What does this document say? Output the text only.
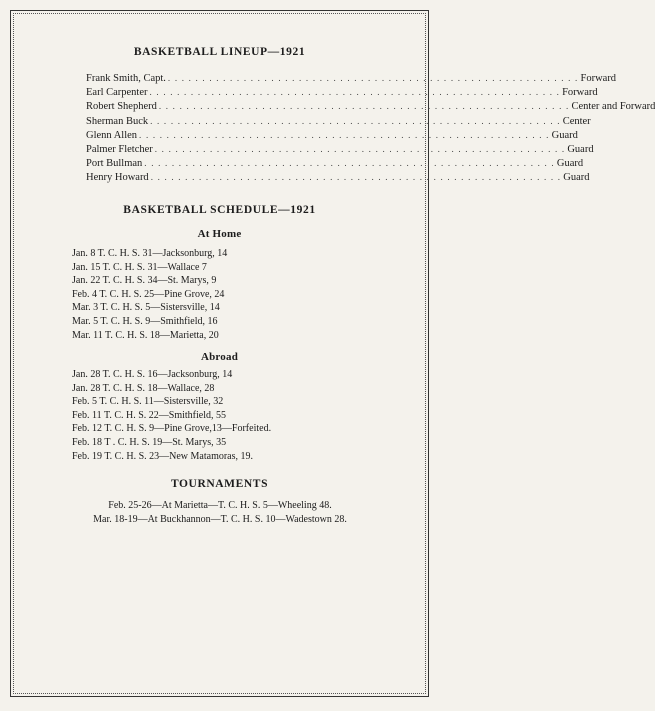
BASKETBALL LINEUP—1921
Frank Smith, Capt. . . . . . . . . . . . . . . . . . . . . . . . . . . . . . . . . . . . . . . . . . . . . . . . . . . . . . . . . . . . . Forward
Earl Carpenter . . . . . . . . . . . . . . . . . . . . . . . . . . . . . . . . . . . . . . . . . . . . . . . . . . . . . . . . . . . . Forward
Robert Shepherd . . . . . . . . . . . . . . . . . . . . . . . . . . . . . . . . . . . . . . . . . . . . . . . . . . . . . . . . . . . . Center and Forward
Sherman Buck . . . . . . . . . . . . . . . . . . . . . . . . . . . . . . . . . . . . . . . . . . . . . . . . . . . . . . . . . . . . Center
Glenn Allen . . . . . . . . . . . . . . . . . . . . . . . . . . . . . . . . . . . . . . . . . . . . . . . . . . . . . . . . . . . . Guard
Palmer Fletcher . . . . . . . . . . . . . . . . . . . . . . . . . . . . . . . . . . . . . . . . . . . . . . . . . . . . . . . . . . . . Guard
Port Bullman . . . . . . . . . . . . . . . . . . . . . . . . . . . . . . . . . . . . . . . . . . . . . . . . . . . . . . . . . . . . Guard
Henry Howard . . . . . . . . . . . . . . . . . . . . . . . . . . . . . . . . . . . . . . . . . . . . . . . . . . . . . . . . . . . . Guard
BASKETBALL SCHEDULE—1921
At Home
Jan. 8 T. C. H. S. 31—Jacksonburg, 14
Jan. 15 T. C. H. S. 31—Wallace 7
Jan. 22 T. C. H. S. 34—St. Marys, 9
Feb. 4 T. C. H. S. 25—Pine Grove, 24
Mar. 3 T. C. H. S. 5—Sistersville, 14
Mar. 5 T. C. H. S. 9—Smithfield, 16
Mar. 11 T. C. H. S. 18—Marietta, 20
Abroad
Jan. 28 T. C. H. S. 16—Jacksonburg, 14
Jan. 28 T. C. H. S. 18—Wallace, 28
Feb. 5 T. C. H. S. 11—Sistersville, 32
Feb. 11 T. C. H. S. 22—Smithfield, 55
Feb. 12 T. C. H. S. 9—Pine Grove,13—Forfeited.
Feb. 18 T . C. H. S. 19—St. Marys, 35
Feb. 19 T. C. H. S. 23—New Matamoras, 19.
TOURNAMENTS
Feb. 25-26—At Marietta—T. C. H. S. 5—Wheeling 48.
Mar. 18-19—At Buckhannon—T. C. H. S. 10—Wadestown 28.
